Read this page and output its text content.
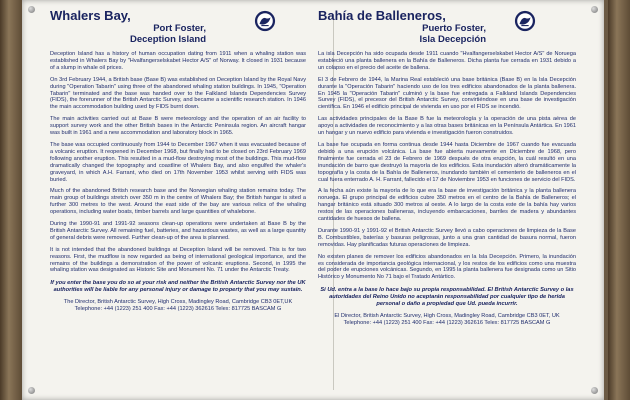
Whalers Bay,
Port Foster,
Deception Island

Deception Island has a history of human occupation dating from 1911 when a whaling station was established in Whalers Bay by "Hvalfangerselskabet Hector A/S" of Norway. It closed in 1931 because of a slump in whale oil prices.

On 3rd February 1944, a British base (Base B) was established on Deception Island by the Royal Navy during "Operation Tabarin" using three of the abandoned whaling station buildings. In 1945, "Operation Tabarin" terminated and the base was handed over to the Falkland Islands Dependencies Survey (FIDS), the forerunner of the British Antarctic Survey, and became a scientific research station. In 1946 the main accommodation building used by FIDS burnt down.

The main activities carried out at Base B were meteorology and the operation of an air facility to support survey work and the other British bases in the Antarctic Peninsula region. An aircraft hangar was built in 1961 and a new accommodation and laboratory block in 1965.

The base was occupied continuously from 1944 to December 1967 when it was evacuated because of a volcanic eruption. It reopened in December 1968, but finally had to be closed on 23rd February 1969 following another eruption. This resulted in a mud-flow destroying most of the buildings. This mud-flow dramatically changed the topography and coastline of Whalers Bay, and also engulfed the whaler's graveyard, in which A.H. Farrant, who died on 17th November 1953 whilst serving with FIDS was buried.

Much of the abandoned British research base and the Norwegian whaling station remains today. The main group of buildings stretch over 350 m in the centre of Whalers Bay; the British hangar is sited a further 300 metres to the west. Around the east side of the bay are various relics of the whaling operations, including water boats, timber barrels and large quantities of whalebone.

During the 1990-91 and 1991-92 seasons clean-up operations were undertaken at Base B by the British Antarctic Survey. All remaining fuel, batteries, and hazardous wastes, as well as a large quantity of general debris were removed. Further clean-up of the area is planned.

It is not intended that the abandoned buildings at Deception Island will be removed. This is for two reasons. First, the mudflow is now regarded as being of international geological importance, and the remains of the buildings a demonstration of the power of volcanic eruptions. Second, in 1995 the whaling station was designated as Historic Site and Monument No. 71 under the Antarctic Treaty.

If you enter the base you do so at your risk and neither the British Antarctic Survey nor the UK authorities will be liable for any personal injury or damage to property that you may sustain.

The Director, British Antarctic Survey, High Cross, Madingley Road, Cambridge CB3 0ET,UK

Telephone: +44 (1223) 251 400 Fax: +44 (1223) 362616 Telex: 817725 BASCAM G

Bahía de Balleneros,
Puerto Foster,
Isla Decepción

La isla Decepción ha sido ocupada desde 1911 cuando "Hvalfangerselskabet Hector A/S" de Noruega estableció una planta ballenera en la Bahía de Balleneros. Dicha planta fue cerrada en 1931 debido a un colapso en el precio del aceite de ballena.

El 3 de Febrero de 1944, la Marina Real estableció una base británica (Base B) en la Isla Decepción durante la "Operación Tabarin" haciendo uso de los tres edificios abandonados de la planta ballenera. En 1945 la "Operación Tabarin" culminó y la base fue entregada a Falkland Islands Dependencies Survey (FIDS), el precesor del British Antarctic Survey, convirtiéndose en una base de investigación científica. En 1946 el edificio principal de vivienda en uso por el FIDS se incendió.

Las actividades principales de la Base B fue la meteorología y la operación de una pista aérea de apoyo a actividades de reconocimiento y a las otras bases británicas en la Península Antártica. En 1961 un hangar y un nuevo edificio para vivienda e investigación fueron construidos.

La base fue ocupada en forma continua desde 1944 hasta Diciembre de 1967 cuando fue evacuada debido a una erupción volcánica. La base fue abierta nuevamente en Diciembre de 1968, pero finalmente fue cerrada el 23 de Febrero de 1969 después de otra erupción, la cuál resultó en una inundación de barro que destruyó la mayoría de los edificios. Esta inundación alteró dramáticamente la topografía y la costa de la Bahía de Balleneros, inundando también el cementerio de balleneros en el cual fuera enterrado A. H. Farrant, fallecido el 17 de Noviembre 1953 en funciones de servicio del FIDS.

A la fecha aún existe la mayoría de lo que era la base de investigación británica y la planta ballenera noruega. El grupo principal de edificios cubre 350 metros en el centro de la Bahía de Balleneros; el hangar británico está situado 300 metros al oeste. A lo largo de la costa este de la bahía hay varios restos de las operaciones balleneras, incluyendo embarcaciones, barriles de madera y abundantes cantidades de huesos de ballena.

Durante 1990-91 y 1991-92 el British Antarctic Survey llevó a cabo operaciones de limpieza de la Base B. Combustibles, baterías y basuras peligrosas, junto a una gran cantidad de basura normal, fueron removidas. Hay planificadas futuras operaciones de limpieza.

No existen planes de remover los edificios abandonados en la Isla Decepción. Primero, la inundación es considerada de importancia geológica internacional, y los restos de los edificios como una muestra del poder de erupciones volcánicas. Segundo, en 1995 la planta ballenera fue designada como un Sitio Histórico y Monumento No 71 bajo el Tratado Antártico.

Si Ud. entra a la base lo hace bajo su propia responsabilidad. El British Antarctic Survey o las autoridades del Reino Unido no aceptarán responsabilidad por cualquier tipo de herida personal o daño a propiedad que Ud. pueda incurrir.

El Director, British Antarctic Survey, High Cross, Madingley Road, Cambridge CB3 0ET, UK

Telephone: +44 (1223) 251 400 Fax: +44 (1223) 362616 Telex: 817725 BASCAM G
